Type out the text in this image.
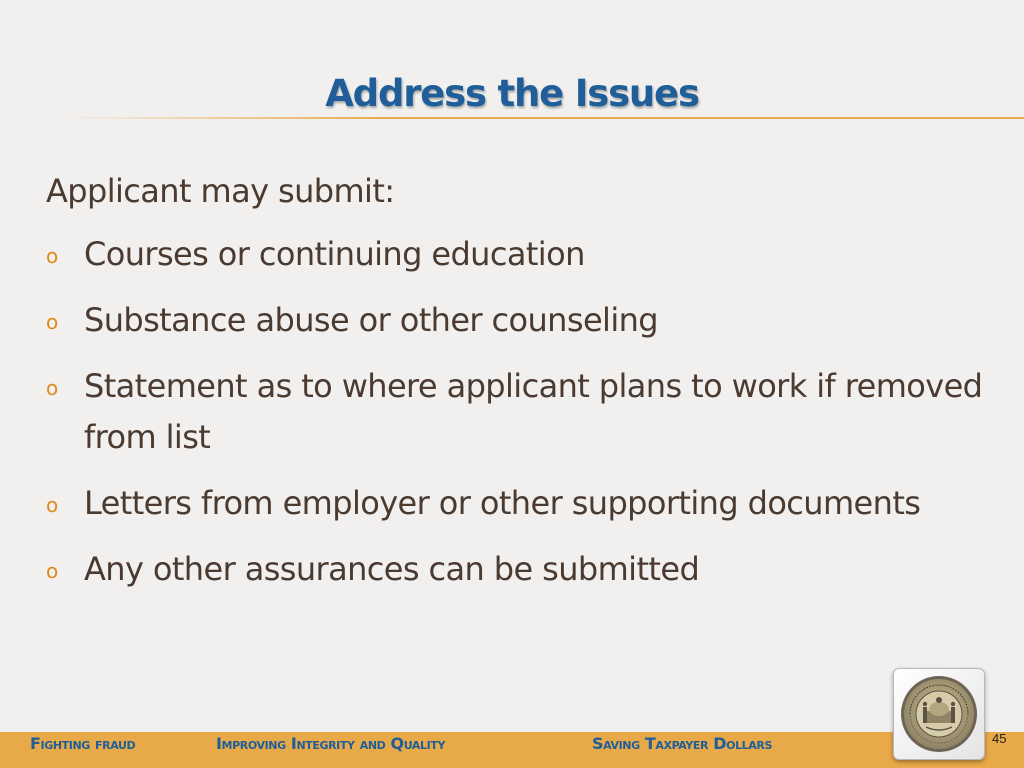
Address the Issues

Applicant may submit:

o Courses or continuing education
o Substance abuse or other counseling
o Statement as to where applicant plans to work if removed from list
o Letters from employer or other supporting documents
o Any other assurances can be submitted
Fighting fraud	Improving Integrity and Quality	Saving Taxpayer Dollars	45
